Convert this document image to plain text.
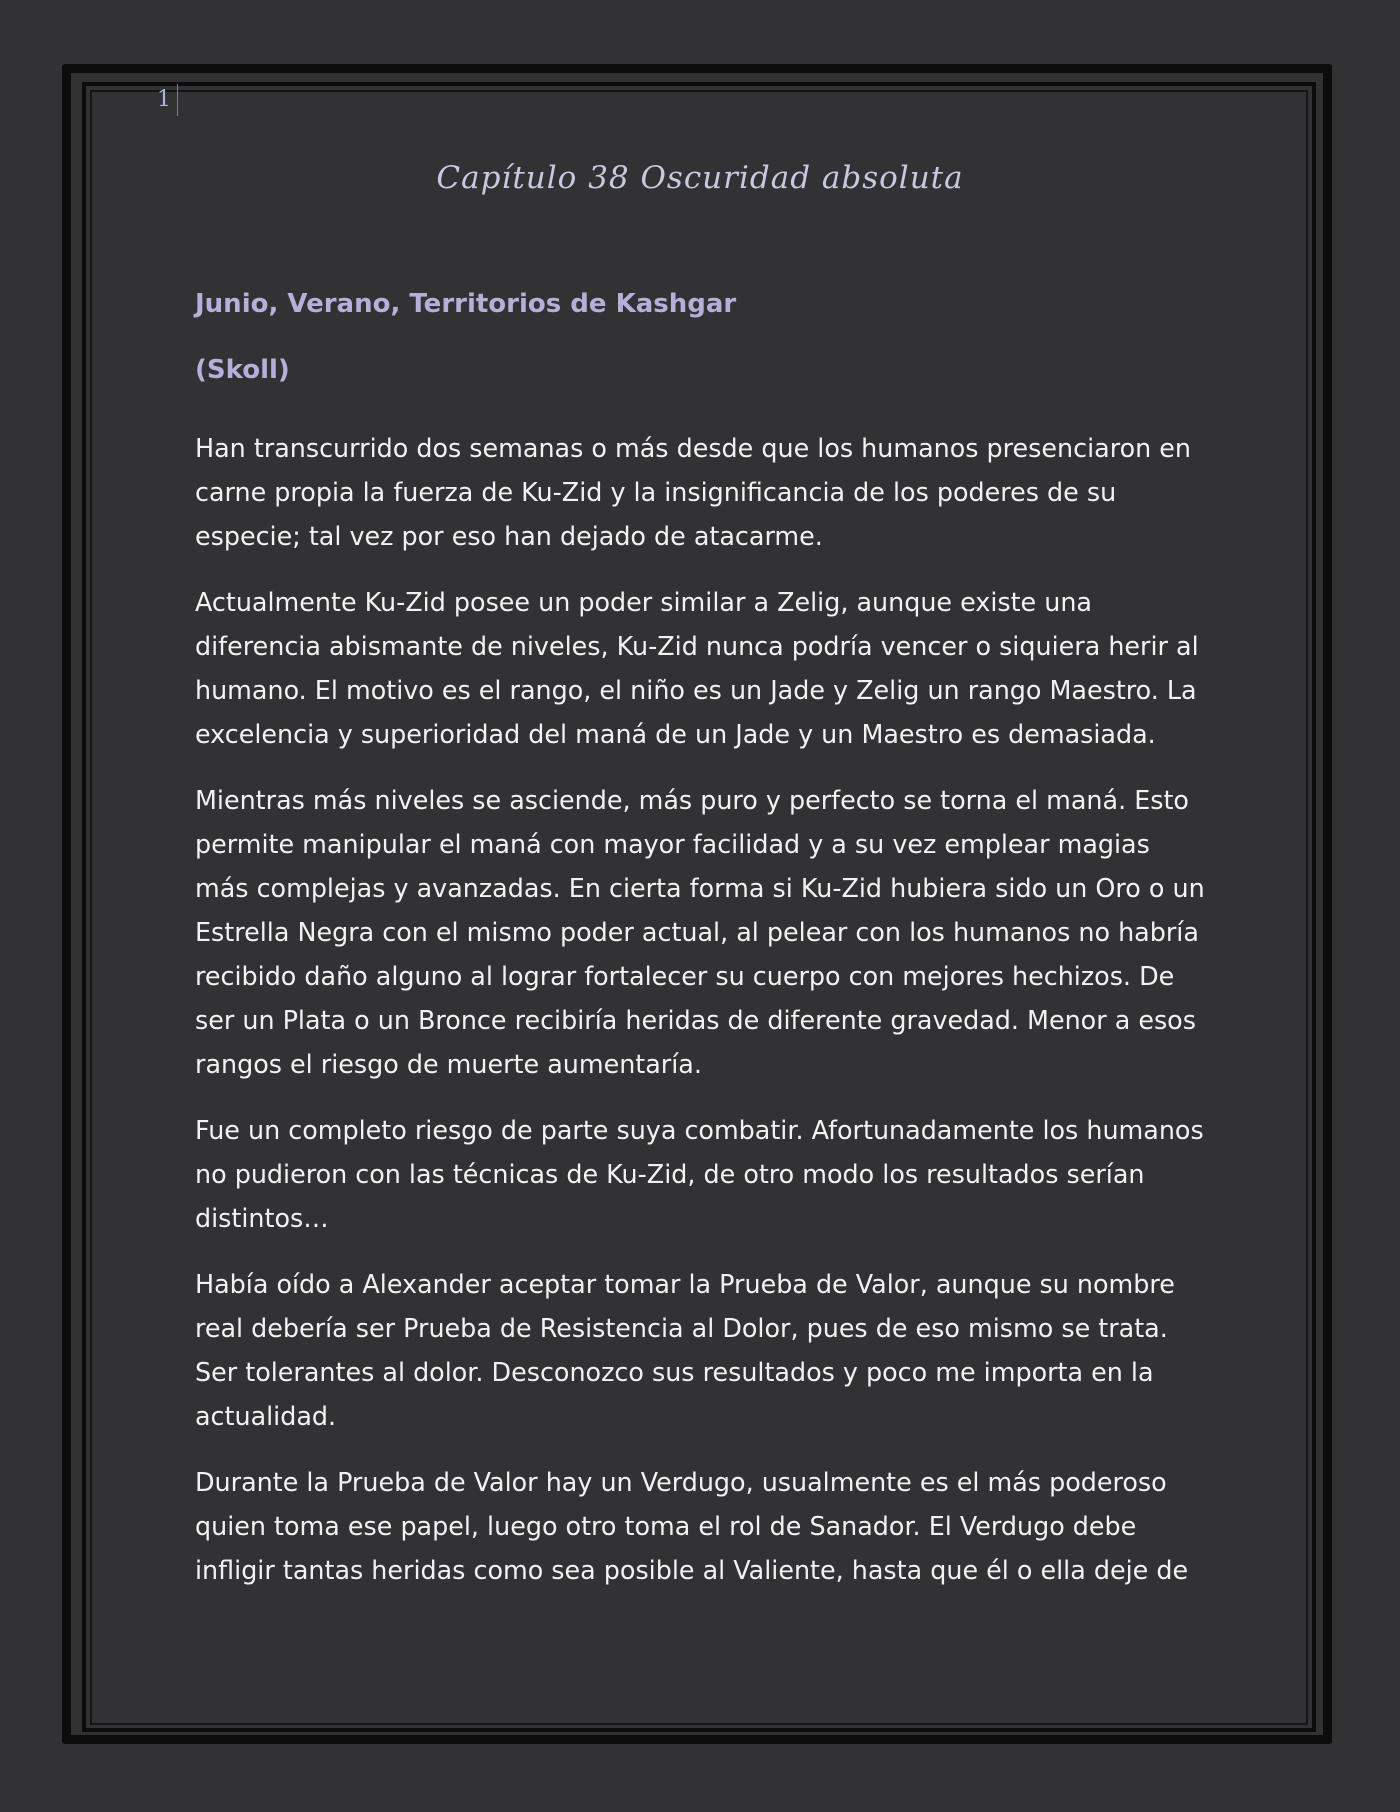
1
Capítulo 38 Oscuridad absoluta
Junio, Verano, Territorios de Kashgar
(Skoll)

Han transcurrido dos semanas o más desde que los humanos presenciaron en carne propia la fuerza de Ku-Zid y la insignificancia de los poderes de su especie; tal vez por eso han dejado de atacarme.

Actualmente Ku-Zid posee un poder similar a Zelig, aunque existe una diferencia abismante de niveles, Ku-Zid nunca podría vencer o siquiera herir al humano. El motivo es el rango, el niño es un Jade y Zelig un rango Maestro. La excelencia y superioridad del maná de un Jade y un Maestro es demasiada.

Mientras más niveles se asciende, más puro y perfecto se torna el maná. Esto permite manipular el maná con mayor facilidad y a su vez emplear magias más complejas y avanzadas. En cierta forma si Ku-Zid hubiera sido un Oro o un Estrella Negra con el mismo poder actual, al pelear con los humanos no habría recibido daño alguno al lograr fortalecer su cuerpo con mejores hechizos. De ser un Plata o un Bronce recibiría heridas de diferente gravedad. Menor a esos rangos el riesgo de muerte aumentaría.

Fue un completo riesgo de parte suya combatir. Afortunadamente los humanos no pudieron con las técnicas de Ku-Zid, de otro modo los resultados serían distintos…

Había oído a Alexander aceptar tomar la Prueba de Valor, aunque su nombre real debería ser Prueba de Resistencia al Dolor, pues de eso mismo se trata. Ser tolerantes al dolor. Desconozco sus resultados y poco me importa en la actualidad.

Durante la Prueba de Valor hay un Verdugo, usualmente es el más poderoso quien toma ese papel, luego otro toma el rol de Sanador. El Verdugo debe infligir tantas heridas como sea posible al Valiente, hasta que él o ella deje de
